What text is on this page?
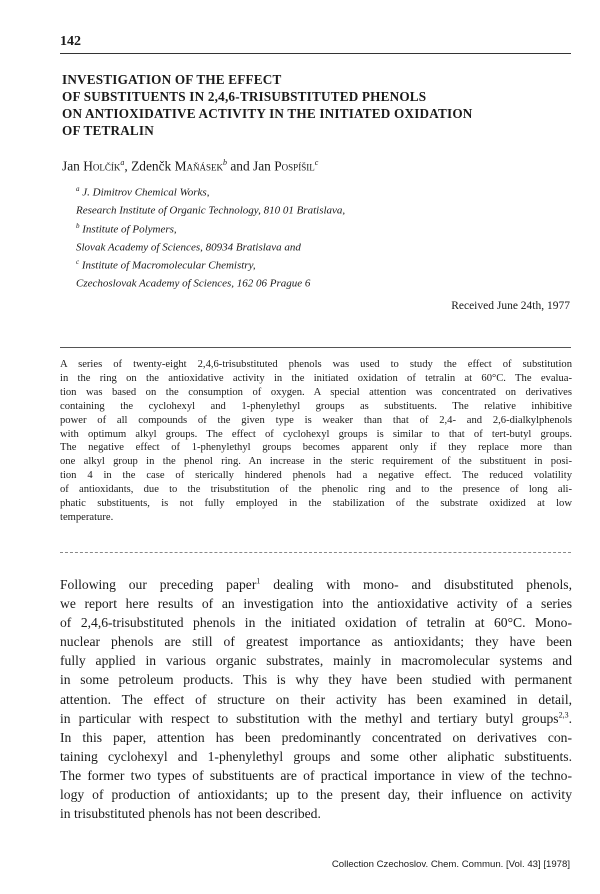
142
INVESTIGATION OF THE EFFECT
OF SUBSTITUENTS IN 2,4,6-TRISUBSTITUTED PHENOLS
ON ANTIOXIDATIVE ACTIVITY IN THE INITIATED OXIDATION
OF TETRALIN
Jan Holčík$^a$, Zdenčk Maňásek$^b$ and Jan Pospíšil$^c$
$^a$ J. Dimitrov Chemical Works,
Research Institute of Organic Technology, 810 01 Bratislava,
$^b$ Institute of Polymers,
Slovak Academy of Sciences, 80934 Bratislava and
$^c$ Institute of Macromolecular Chemistry,
Czechoslovak Academy of Sciences, 162 06 Prague 6
Received June 24th, 1977
A series of twenty-eight 2,4,6-trisubstituted phenols was used to study the effect of substitution
in the ring on the antioxidative activity in the initiated oxidation of tetralin at 60°C. The evalua-
tion was based on the consumption of oxygen. A special attention was concentrated on derivatives
containing the cyclohexyl and 1-phenylethyl groups as substituents. The relative inhibitive
power of all compounds of the given type is weaker than that of 2,4- and 2,6-dialkylphenols
with optimum alkyl groups. The effect of cyclohexyl groups is similar to that of tert-butyl groups.
The negative effect of 1-phenylethyl groups becomes apparent only if they replace more than
one alkyl group in the phenol ring. An increase in the steric requirement of the substituent in posi-
tion 4 in the case of sterically hindered phenols had a negative effect. The reduced volatility
of antioxidants, due to the trisubstitution of the phenolic ring and to the presence of long ali-
phatic substituents, is not fully employed in the stabilization of the substrate oxidized at low
temperature.
Following our preceding paper$^1$ dealing with mono- and disubstituted phenols,
we report here results of an investigation into the antioxidative activity of a series
of 2,4,6-trisubstituted phenols in the initiated oxidation of tetralin at 60°C. Mono-
nuclear phenols are still of greatest importance as antioxidants; they have been
fully applied in various organic substrates, mainly in macromolecular systems and
in some petroleum products. This is why they have been studied with permanent
attention. The effect of structure on their activity has been examined in detail,
in particular with respect to substitution with the methyl and tertiary butyl groups$^{2,3}$.
In this paper, attention has been predominantly concentrated on derivatives con-
taining cyclohexyl and 1-phenylethyl groups and some other aliphatic substituents.
The former two types of substituents are of practical importance in view of the techno-
logy of production of antioxidants; up to the present day, their influence on activity
in trisubstituted phenols has not been described.
Collection Czechoslov. Chem. Commun. [Vol. 43] [1978]
